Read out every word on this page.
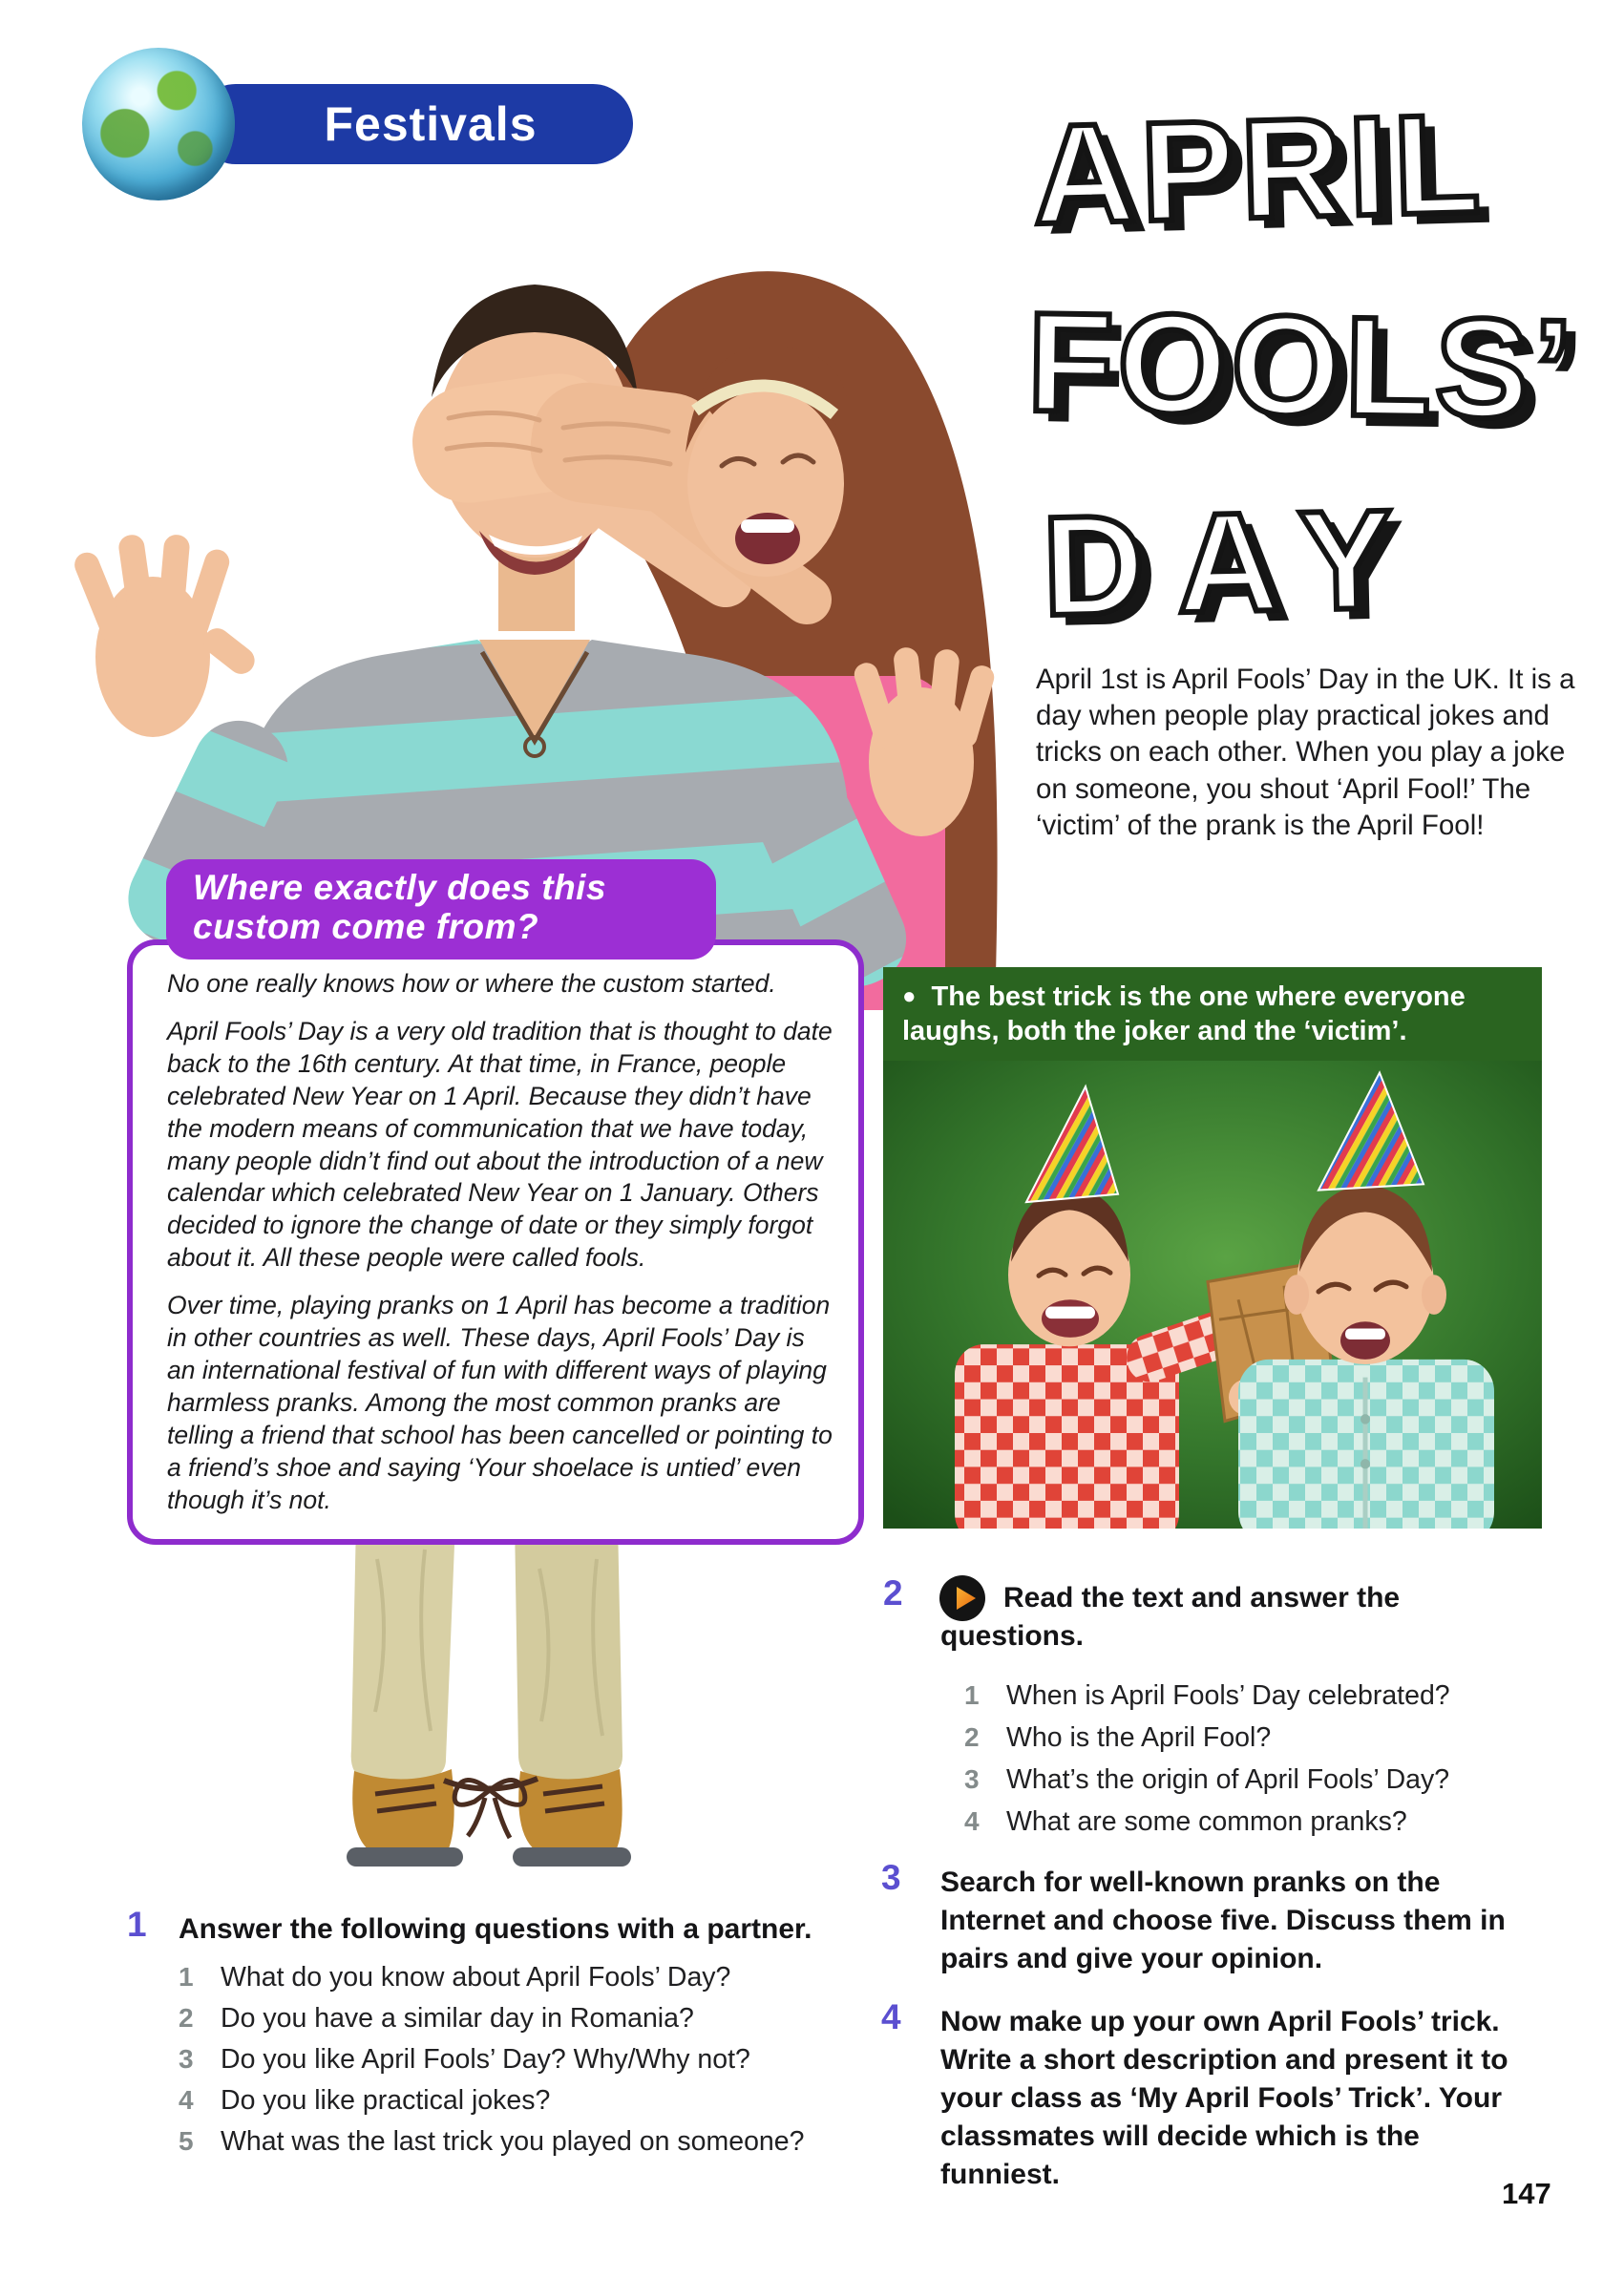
Festivals	APRIL
FOOLS’
DAY
April 1st is April Fools’ Day in the UK. It is a day when people play practical jokes and tricks on each other. When you play a joke on someone, you shout ‘April Fool!’ The ‘victim’ of the prank is the April Fool!
Where exactly does this custom come from?

No one really knows how or where the custom started.

April Fools’ Day is a very old tradition that is thought to date back to the 16th century. At that time, in France, people celebrated New Year on 1 April. Because they didn’t have the modern means of communication that we have today, many people didn’t find out about the introduction of a new calendar which celebrated New Year on 1 January. Others decided to ignore the change of date or they simply forgot about it. All these people were called fools.

Over time, playing pranks on 1 April has become a tradition in other countries as well. These days, April Fools’ Day is an international festival of fun with different ways of playing harmless pranks. Among the most common pranks are telling a friend that school has been cancelled or pointing to a friend’s shoe and saying ‘Your shoelace is untied’ even though it’s not.

● The best trick is the one where everyone laughs, both the joker and the ‘victim’.
1 Answer the following questions with a partner.
1 What do you know about April Fools’ Day?
2 Do you have a similar day in Romania?
3 Do you like April Fools’ Day? Why/Why not?
4 Do you like practical jokes?
5 What was the last trick you played on someone?
2	Read the text and answer the questions.
1 When is April Fools’ Day celebrated?
2 Who is the April Fool?
3 What’s the origin of April Fools’ Day?
4 What are some common pranks?
3 Search for well-known pranks on the Internet and choose five. Discuss them in pairs and give your opinion.
4 Now make up your own April Fools’ trick. Write a short description and present it to your class as ‘My April Fools’ Trick’. Your classmates will decide which is the funniest.
147
